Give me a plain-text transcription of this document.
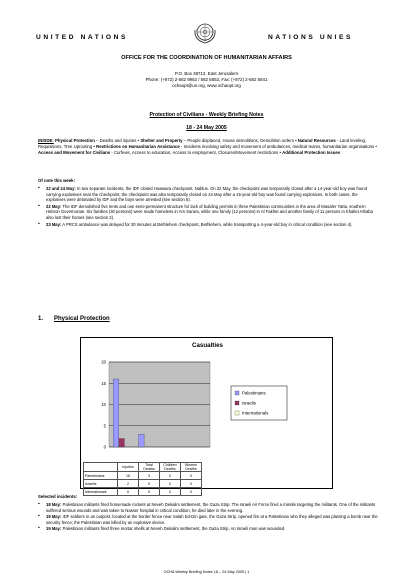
UNITED NATIONS	NATIONS UNIES
OFFICE FOR THE COORDINATION OF HUMANITARIAN AFFAIRS
P.O. Box 38712, East Jerusalem
Phone: (+972) 2-582 9962 / 582 5853, Fax: (+972) 2-582 5841
ochaopt@un.org, www.ochaopt.org
Protection of Civilians - Weekly Briefing Notes
18 - 24 May 2005
INSIDE: Physical Protection – Deaths and injuries • Shelter and Property – People displaced, House demolitions, Demolition orders • Natural Resources - Land leveling, Requisitions, Tree Uprooting • Restrictions on Humanitarian Assistance - Incidents involving safety and movement of ambulances, medical teams, humanitarian organisations • Access and Movement for Civilians - Curfews, Access to education, Access to employment, Closures/Movement restrictions • Additional Protection Issues
Of note this week:
▪ 22 and 24 May: In two separate incidents, the IDF closed Huwwara checkpoint, Nablus. On 22 May, the checkpoint was temporarily closed after a 14-year-old boy was found carrying explosives near the checkpoint; the checkpoint was also temporarily closed on 24 May after a 15-year-old boy was found carrying explosives. In both cases, the explosives were detonated by IDF and the boys were arrested (see section 6).
▪ 22 May: The IDF demolished five tents and one semi-permanent structure for lack of building permits in three Palestinian communities in the area of Masafer Yatta, southern Hebron Governorate. Six families (30 persons) were made homeless in Am Sarara, while one family (12 persons) in Al Fakhet and another family of 11 persons in Khallet Athaba also lost their homes (see section 2).
▪ 23 May: A PRCS ambulance was delayed for 30 minutes at Bethlehem checkpoint, Bethlehem, while transporting a 4-year-old boy in critical condition (see section 4).
1. Physical Protection
Casualties
0
5
10
15
20
Palestinians
Israelis
Internationals
	Injuries	Total Deaths	Children Deaths	Women Deaths
Palestinians	16	3	0	0
Israelis	2	0	0	0
Internationals	0	0	0	0
Selected incidents:
▪ 18 May: Palestinian militants fired homemade rockets at Neveh Dekalim settlement, the Gaza Strip. The Israeli Air Force fired a missile targeting the militants. One of the militants suffered serious wounds and was taken to Nasser hospital in critical condition; he died later in the evening.
▪ 19 May: IDF soldiers in an outpost, located at the border fence near Salah Ed-Din gate, the Gaza Strip, opened fire at a Palestinian who they alleged was planting a bomb near the security fence; the Palestinian was killed by an explosive device.
▪ 19 May: Palestinian militants fired three mortar shells at Neveh Dekalim settlement, the Gaza Strip. An Israeli man was wounded.
OCHA Weekly Briefing Notes 18 – 24 May 2005 | 1
